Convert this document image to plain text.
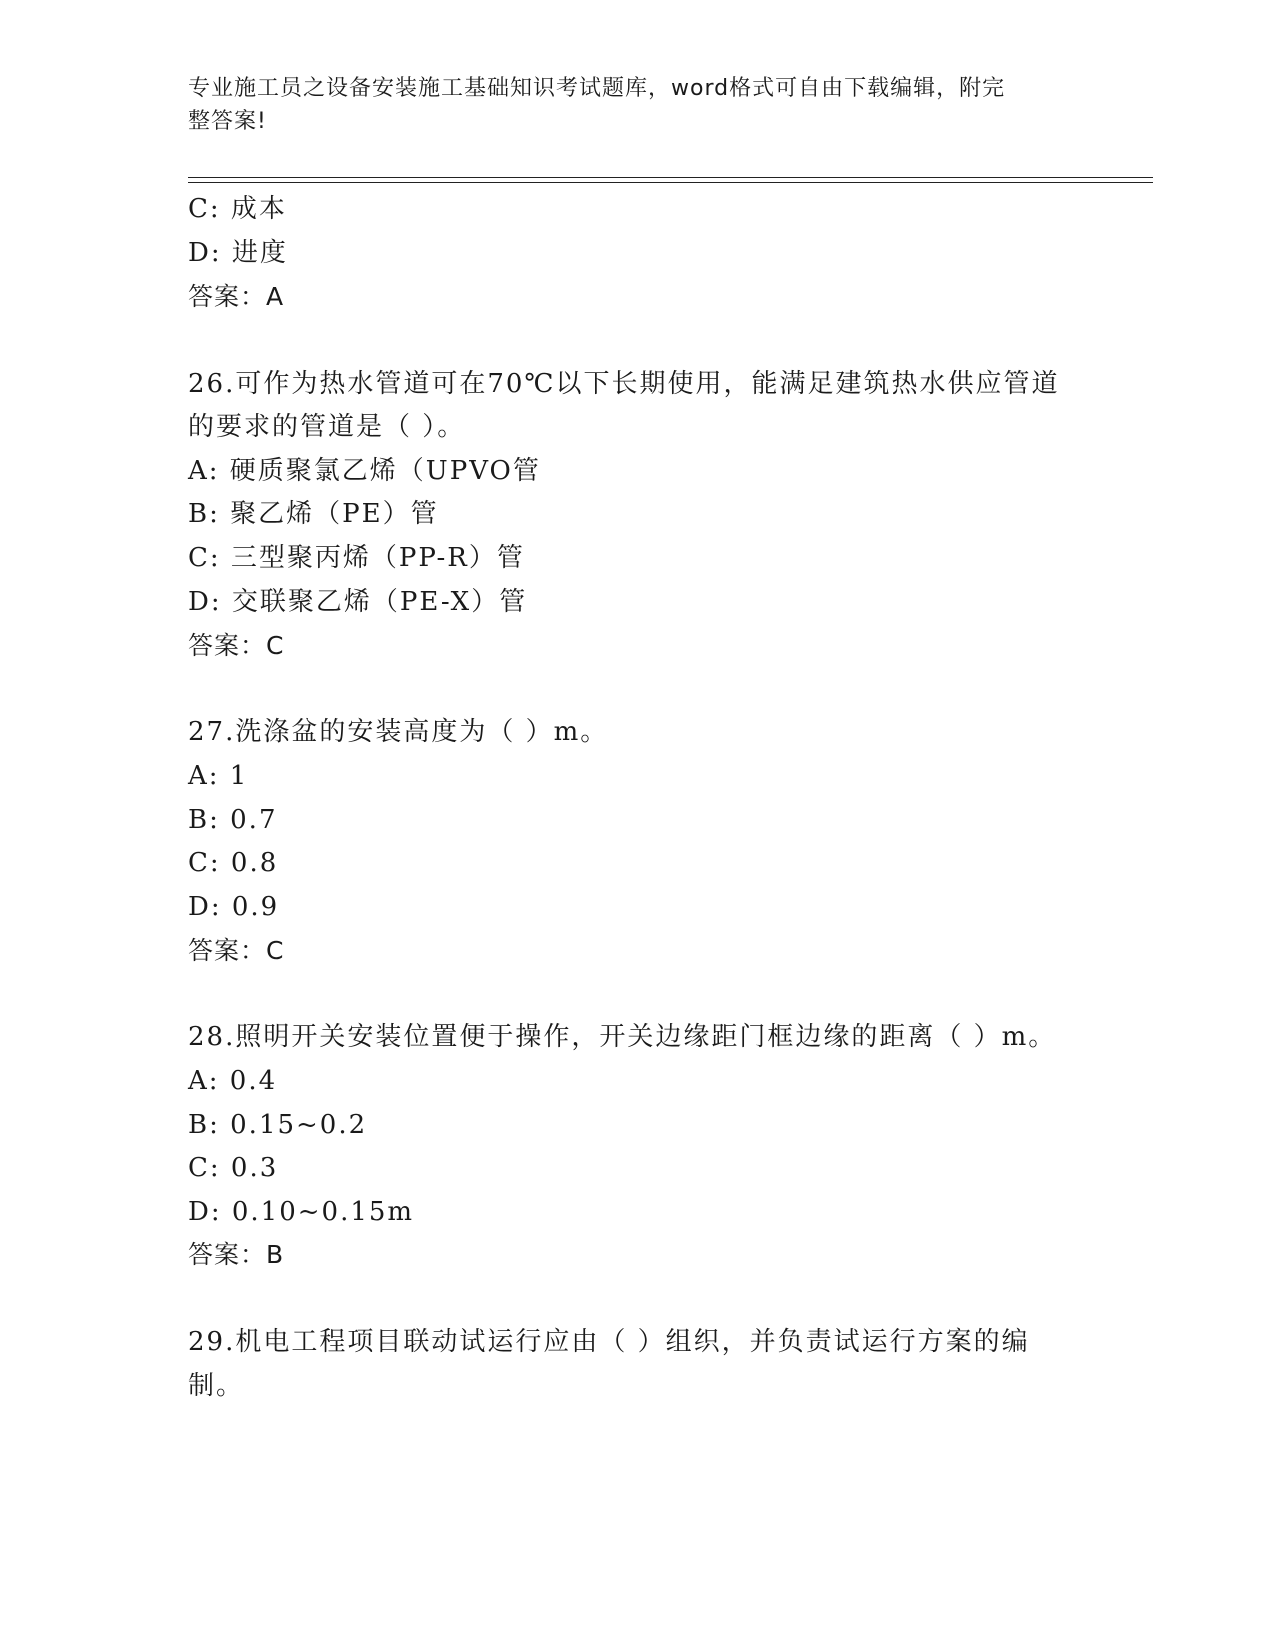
专业施工员之设备安装施工基础知识考试题库，word格式可自由下载编辑，附完
整答案!
C: 成本
D: 进度
答案：A
26.可作为热水管道可在70℃以下长期使用，能满足建筑热水供应管道
的要求的管道是（ ）。
A: 硬质聚氯乙烯（UPVO管
B: 聚乙烯（PE）管
C: 三型聚丙烯（PP-R）管
D: 交联聚乙烯（PE-X）管
答案：C
27.洗涤盆的安装高度为（ ）m。
A: 1
B: 0.7
C: 0.8
D: 0.9
答案：C
28.照明开关安装位置便于操作，开关边缘距门框边缘的距离（ ）m。
A: 0.4
B: 0.15~0.2
C: 0.3
D: 0.10~0.15m
答案：B
29.机电工程项目联动试运行应由（ ）组织，并负责试运行方案的编
制。
